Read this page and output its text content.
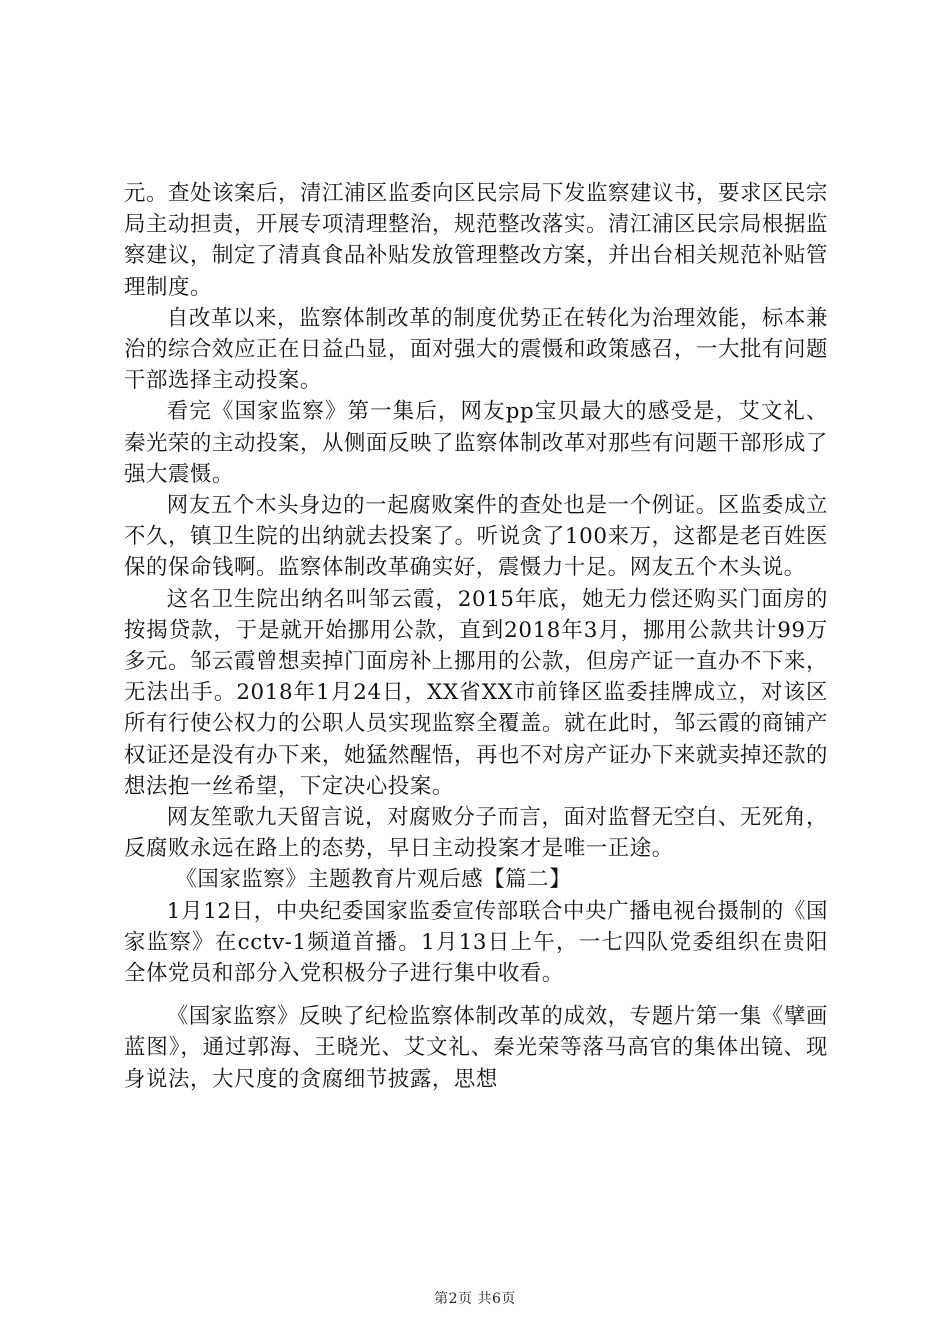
元。查处该案后，清江浦区监委向区民宗局下发监察建议书，要求区民宗局主动担责，开展专项清理整治，规范整改落实。清江浦区民宗局根据监察建议，制定了清真食品补贴发放管理整改方案，并出台相关规范补贴管理制度。

自改革以来，监察体制改革的制度优势正在转化为治理效能，标本兼治的综合效应正在日益凸显，面对强大的震慑和政策感召，一大批有问题干部选择主动投案。

看完《国家监察》第一集后，网友pp宝贝最大的感受是，艾文礼、秦光荣的主动投案，从侧面反映了监察体制改革对那些有问题干部形成了强大震慑。

网友五个木头身边的一起腐败案件的查处也是一个例证。区监委成立不久，镇卫生院的出纳就去投案了。听说贪了100来万，这都是老百姓医保的保命钱啊。监察体制改革确实好，震慑力十足。网友五个木头说。

这名卫生院出纳名叫邹云霞，2015年底，她无力偿还购买门面房的按揭贷款，于是就开始挪用公款，直到2018年3月，挪用公款共计99万多元。邹云霞曾想卖掉门面房补上挪用的公款，但房产证一直办不下来，无法出手。2018年1月24日，XX省XX市前锋区监委挂牌成立，对该区所有行使公权力的公职人员实现监察全覆盖。就在此时，邹云霞的商铺产权证还是没有办下来，她猛然醒悟，再也不对房产证办下来就卖掉还款的想法抱一丝希望，下定决心投案。

网友笙歌九天留言说，对腐败分子而言，面对监督无空白、无死角，反腐败永远在路上的态势，早日主动投案才是唯一正途。

《国家监察》主题教育片观后感【篇二】

1月12日，中央纪委国家监委宣传部联合中央广播电视台摄制的《国家监察》在cctv-1频道首播。1月13日上午，一七四队党委组织在贵阳全体党员和部分入党积极分子进行集中收看。

《国家监察》反映了纪检监察体制改革的成效，专题片第一集《擘画蓝图》，通过郭海、王晓光、艾文礼、秦光荣等落马高官的集体出镜、现身说法，大尺度的贪腐细节披露，思想

第2页 共6页
